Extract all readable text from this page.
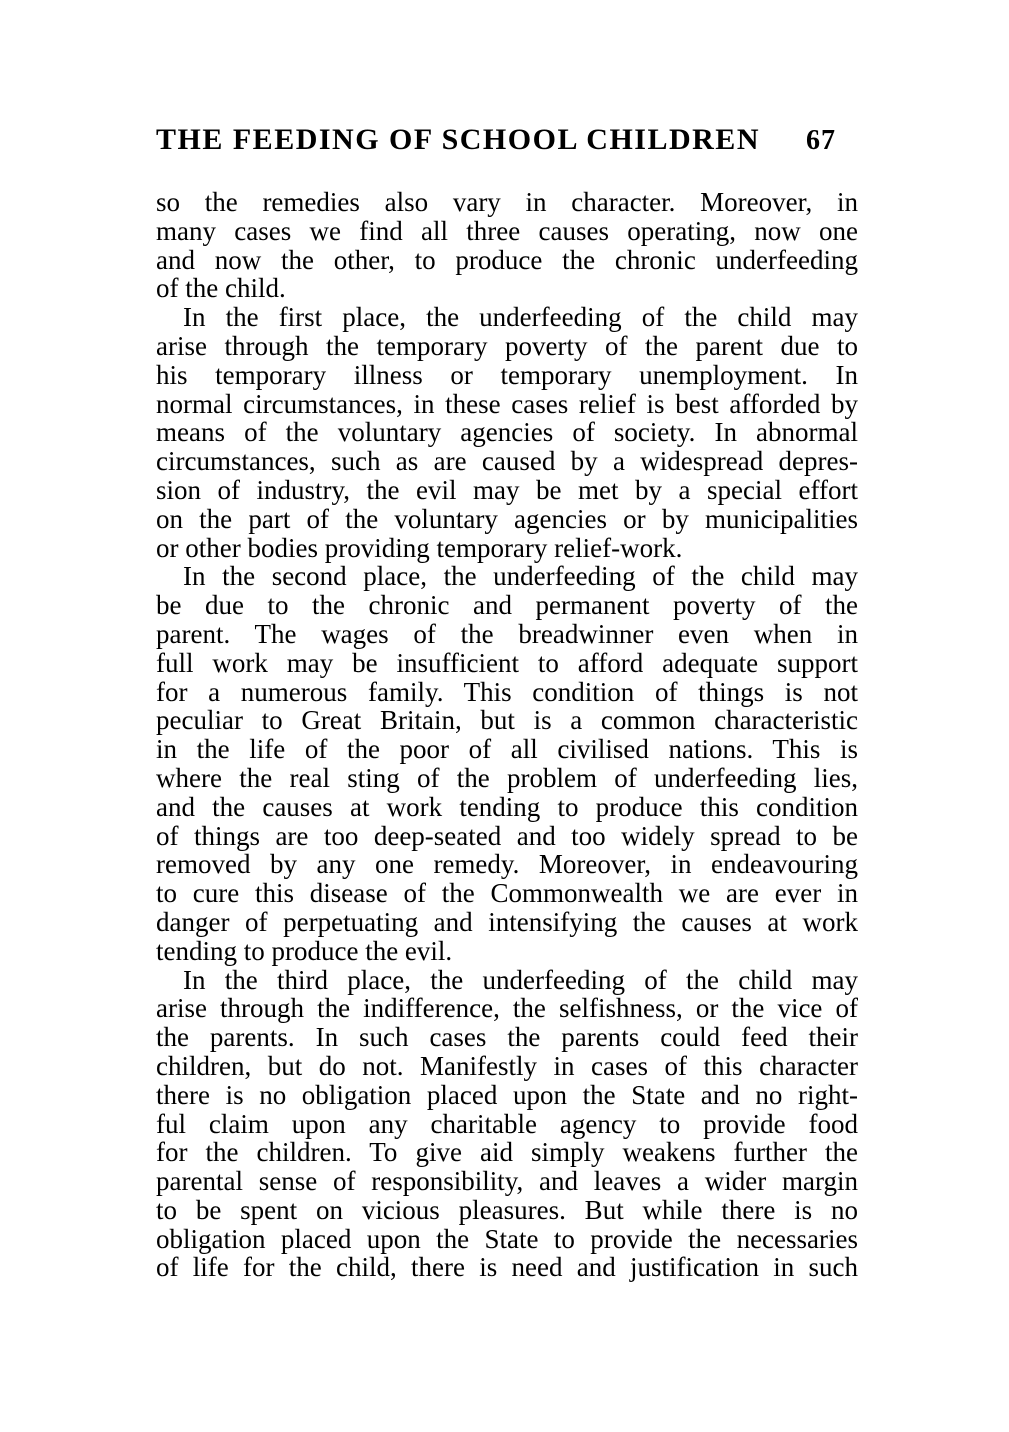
THE FEEDING OF SCHOOL CHILDREN 67
so the remedies also vary in character. Moreover, in
many cases we find all three causes operating, now one
and now the other, to produce the chronic underfeeding
of the child.
In the first place, the underfeeding of the child may
arise through the temporary poverty of the parent due to
his temporary illness or temporary unemployment. In
normal circumstances, in these cases relief is best afforded by
means of the voluntary agencies of society. In abnormal
circumstances, such as are caused by a widespread depres-
sion of industry, the evil may be met by a special effort
on the part of the voluntary agencies or by municipalities
or other bodies providing temporary relief-work.
In the second place, the underfeeding of the child may
be due to the chronic and permanent poverty of the
parent. The wages of the breadwinner even when in
full work may be insufficient to afford adequate support
for a numerous family. This condition of things is not
peculiar to Great Britain, but is a common characteristic
in the life of the poor of all civilised nations. This is
where the real sting of the problem of underfeeding lies,
and the causes at work tending to produce this condition
of things are too deep-seated and too widely spread to be
removed by any one remedy. Moreover, in endeavouring
to cure this disease of the Commonwealth we are ever in
danger of perpetuating and intensifying the causes at work
tending to produce the evil.
In the third place, the underfeeding of the child may
arise through the indifference, the selfishness, or the vice of
the parents. In such cases the parents could feed their
children, but do not. Manifestly in cases of this character
there is no obligation placed upon the State and no right-
ful claim upon any charitable agency to provide food
for the children. To give aid simply weakens further the
parental sense of responsibility, and leaves a wider margin
to be spent on vicious pleasures. But while there is no
obligation placed upon the State to provide the necessaries
of life for the child, there is need and justification in such
